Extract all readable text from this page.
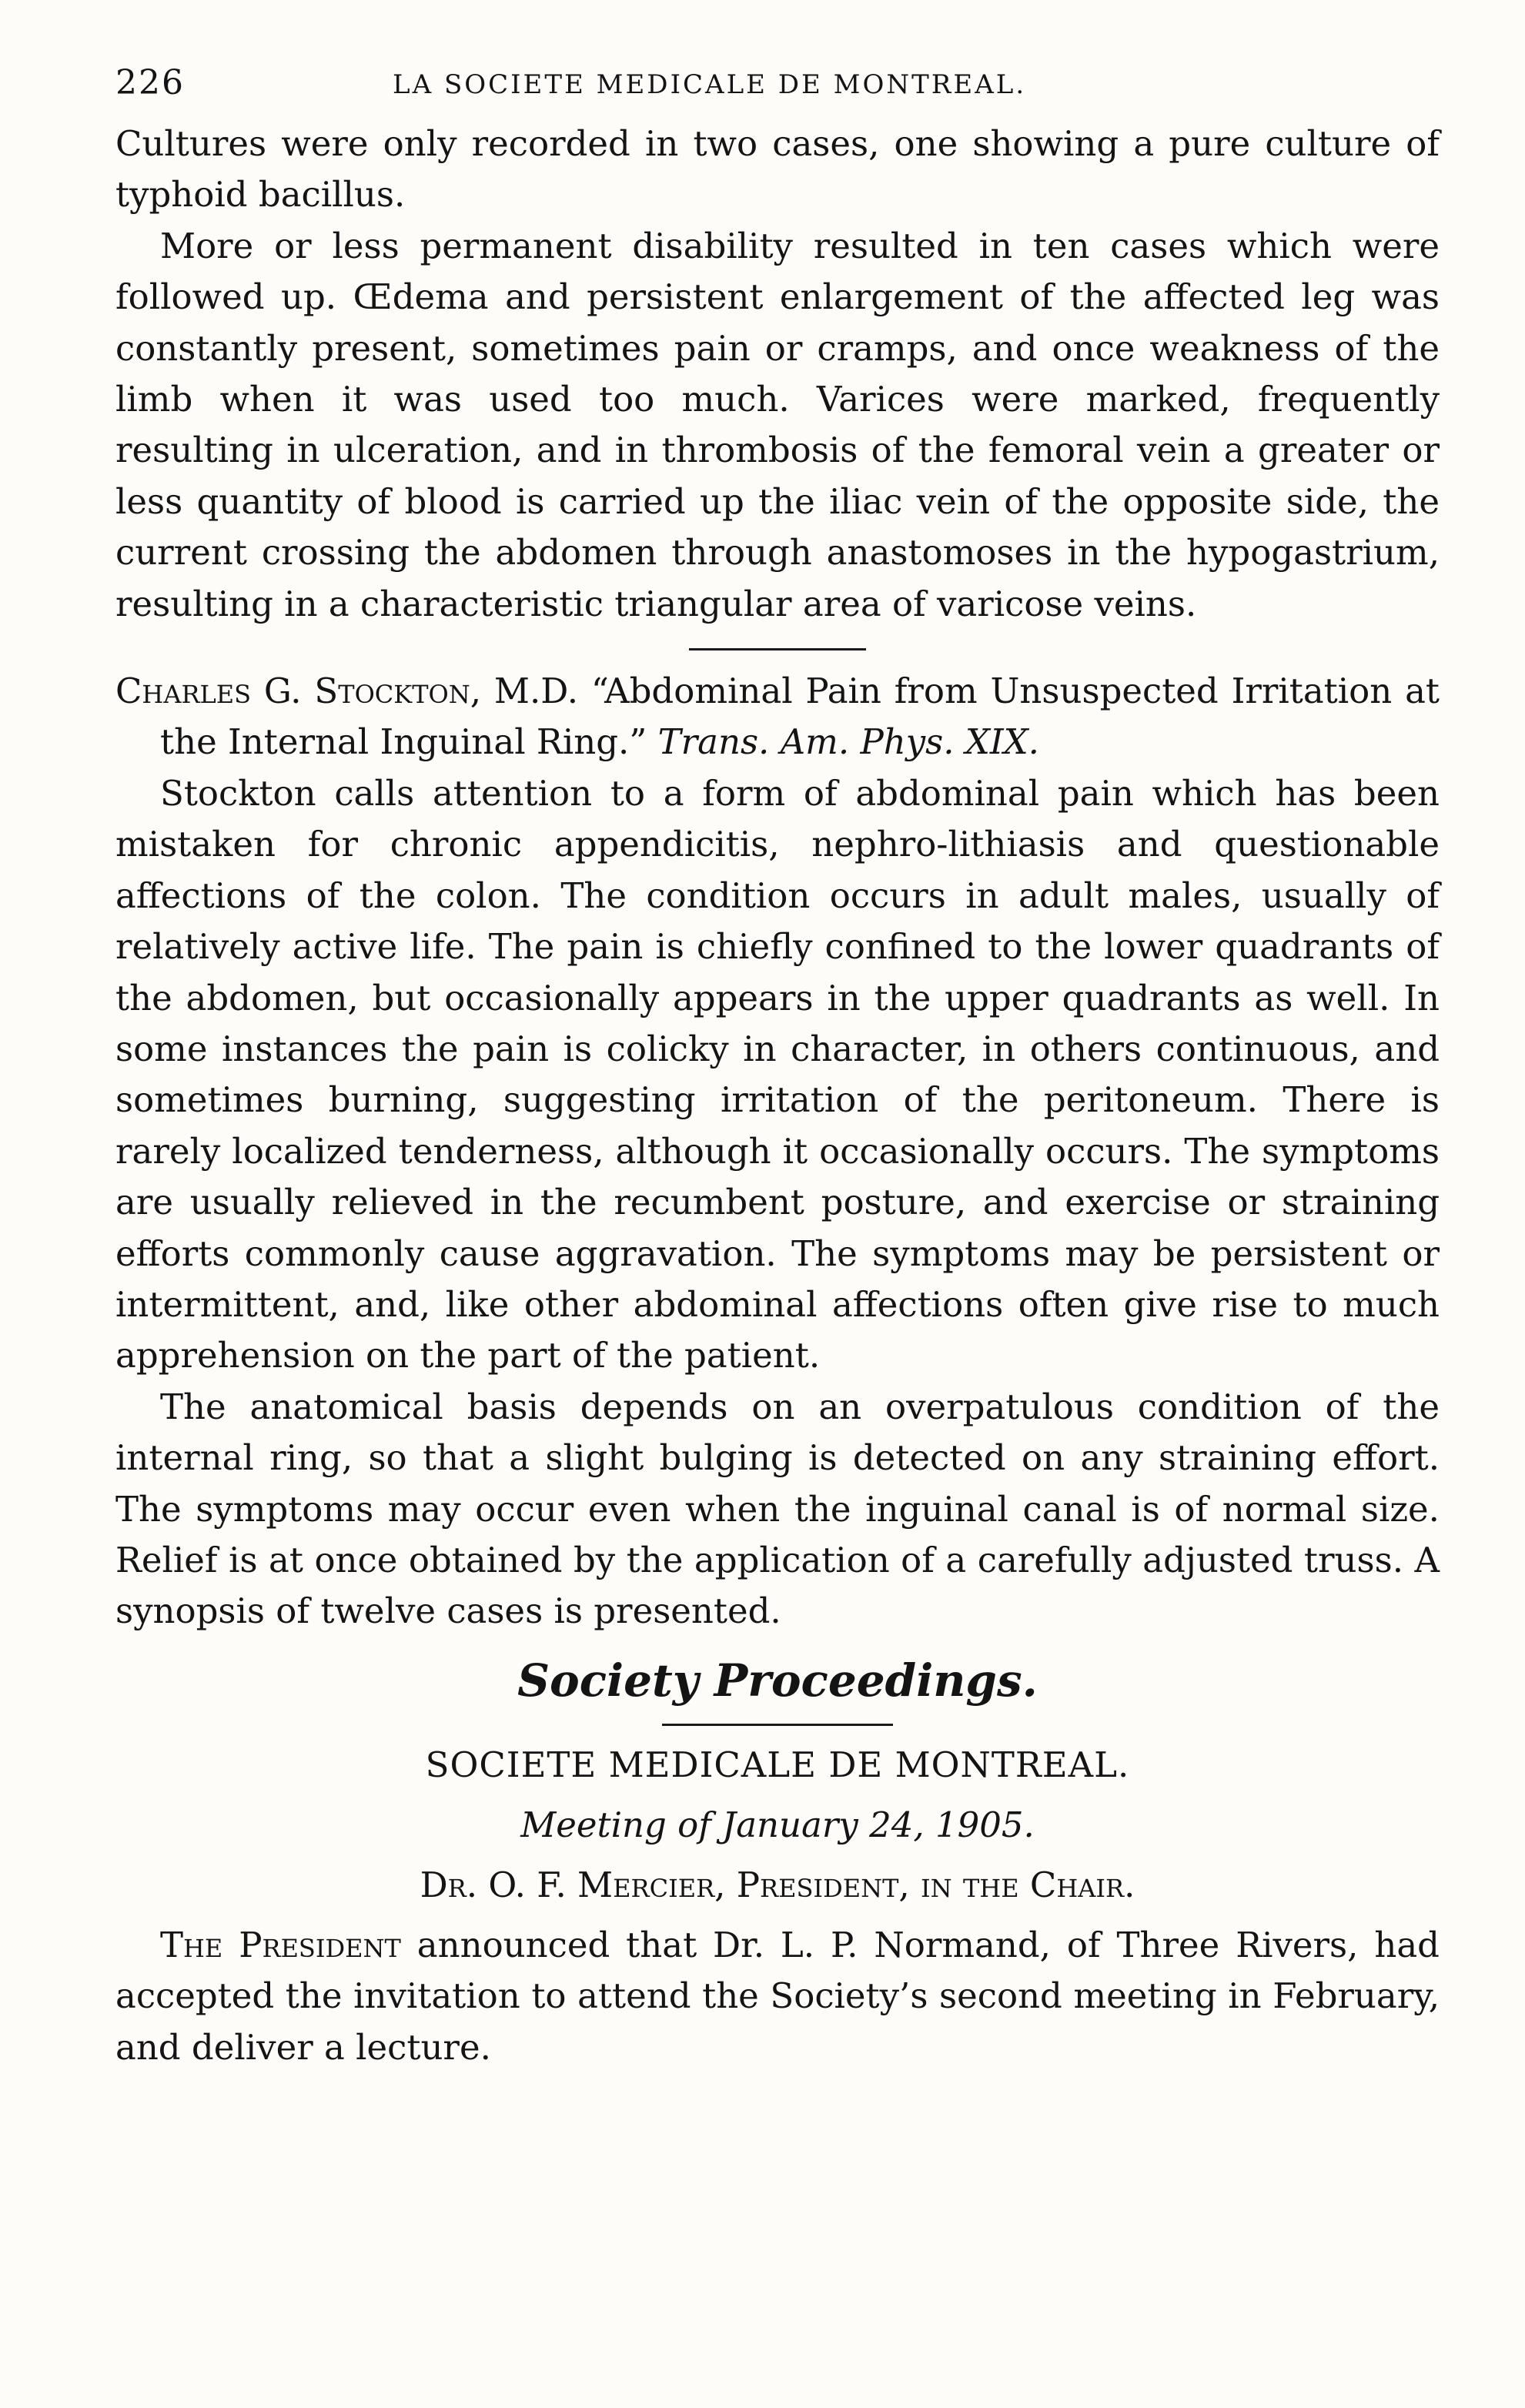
226	LA SOCIETE MEDICALE DE MONTREAL.

Cultures were only recorded in two cases, one showing a pure culture of typhoid bacillus.

More or less permanent disability resulted in ten cases which were followed up. Œdema and persistent enlargement of the affected leg was constantly present, sometimes pain or cramps, and once weakness of the limb when it was used too much. Varices were marked, frequently resulting in ulceration, and in thrombosis of the femoral vein a greater or less quantity of blood is carried up the iliac vein of the opposite side, the current crossing the abdomen through anastomoses in the hypogastrium, resulting in a characteristic triangular area of varicose veins.

Charles G. Stockton, M.D. “Abdominal Pain from Unsuspected Irritation at the Internal Inguinal Ring.” Trans. Am. Phys. XIX.

Stockton calls attention to a form of abdominal pain which has been mistaken for chronic appendicitis, nephro-lithiasis and questionable affections of the colon. The condition occurs in adult males, usually of relatively active life. The pain is chiefly confined to the lower quadrants of the abdomen, but occasionally appears in the upper quadrants as well. In some instances the pain is colicky in character, in others continuous, and sometimes burning, suggesting irritation of the peritoneum. There is rarely localized tenderness, although it occasionally occurs. The symptoms are usually relieved in the recumbent posture, and exercise or straining efforts commonly cause aggravation. The symptoms may be persistent or intermittent, and, like other abdominal affections often give rise to much apprehension on the part of the patient.

The anatomical basis depends on an overpatulous condition of the internal ring, so that a slight bulging is detected on any straining effort. The symptoms may occur even when the inguinal canal is of normal size. Relief is at once obtained by the application of a carefully adjusted truss. A synopsis of twelve cases is presented.

Society Proceedings.
SOCIETE MEDICALE DE MONTREAL.
Meeting of January 24, 1905.
Dr. O. F. Mercier, President, in the Chair.

The President announced that Dr. L. P. Normand, of Three Rivers, had accepted the invitation to attend the Society’s second meeting in February, and deliver a lecture.
